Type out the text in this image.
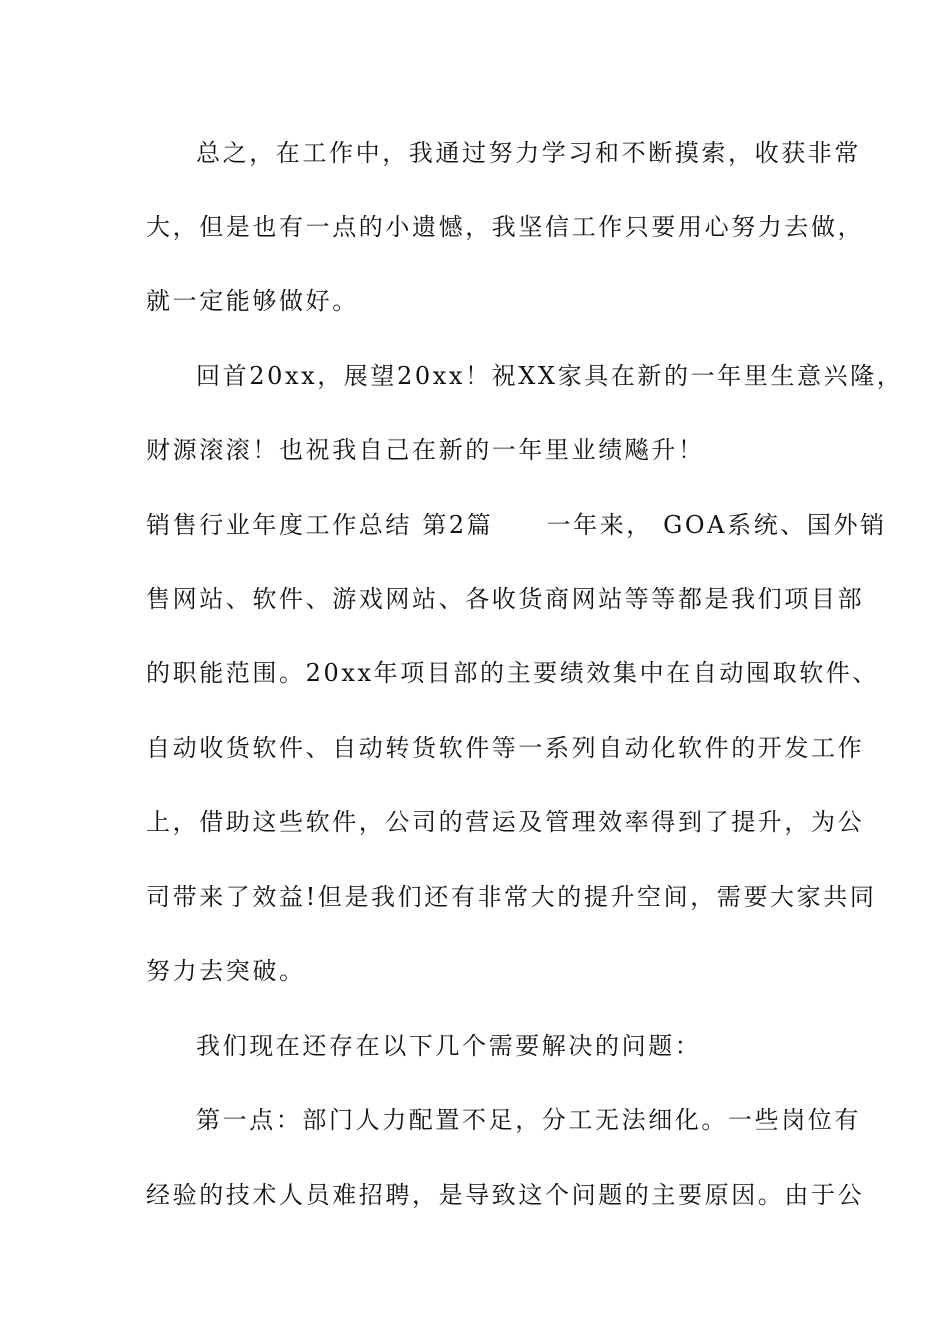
总之，在工作中，我通过努力学习和不断摸索，收获非常
大，但是也有一点的小遗憾，我坚信工作只要用心努力去做，
就一定能够做好。
回首20xx，展望20xx！祝XX家具在新的一年里生意兴隆，
财源滚滚！也祝我自己在新的一年里业绩飚升！
销售行业年度工作总结 第2篇　　一年来， GOA系统、国外销
售网站、软件、游戏网站、各收货商网站等等都是我们项目部
的职能范围。20xx年项目部的主要绩效集中在自动囤取软件、
自动收货软件、自动转货软件等一系列自动化软件的开发工作
上，借助这些软件，公司的营运及管理效率得到了提升，为公
司带来了效益!但是我们还有非常大的提升空间，需要大家共同
努力去突破。
我们现在还存在以下几个需要解决的问题：
第一点：部门人力配置不足，分工无法细化。一些岗位有
经验的技术人员难招聘，是导致这个问题的主要原因。由于公
